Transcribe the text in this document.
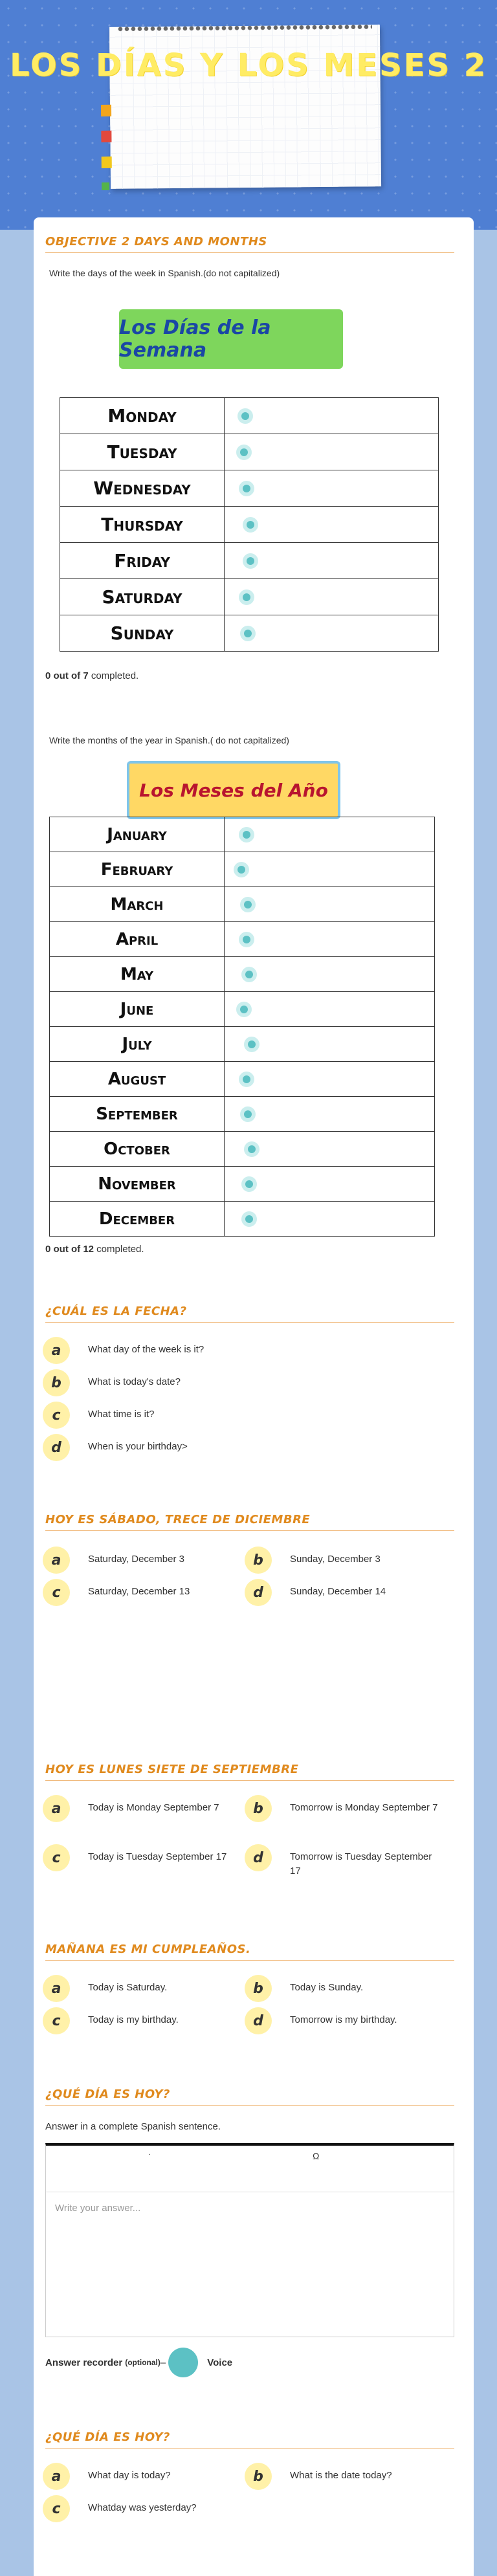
LOS DÍAS Y LOS MESES 2
OBJECTIVE 2 DAYS AND MONTHS
Write the days of the week in Spanish.(do not capitalized)
Los Días de la Semana
Monday	

Tuesday	

Wednesday	

Thursday	

Friday	

Saturday	

Sunday	
0 out of 7 completed.
Write the months of the year in Spanish.( do not capitalized)
Los Meses del Año
January	

February	

March	

April	

May	

June	

July	

August	

September	

October	

November	

December	
0 out of 12 completed.
¿CUÁL ES LA FECHA?
a	What day of the week is it?
b	What is today's date?
c	What time is it?
d	When is your birthday>
HOY ES SÁBADO, TRECE DE DICIEMBRE
a	Saturday, December 3	b	Sunday, December 3
c	Saturday, December 13	d	Sunday, December 14
HOY ES LUNES SIETE DE SEPTIEMBRE
a	Today is Monday September 7	b	Tomorrow is Monday September 7
c	Today is Tuesday September 17	d	Tomorrow is Tuesday September 17
MAÑANA ES MI CUMPLEAÑOS.
a	Today is Saturday.	b	Today is Sunday.
c	Today is my birthday.	d	Tomorrow is my birthday.
¿QUÉ DÍA ES HOY?
Answer in a complete Spanish sentence.
˙	Ω
Write your answer...
Answer recorder (optional) –	Voice
¿QUÉ DÍA ES HOY?
a	What day is today?	b	What is the date today?
c	Whatday was yesterday?
